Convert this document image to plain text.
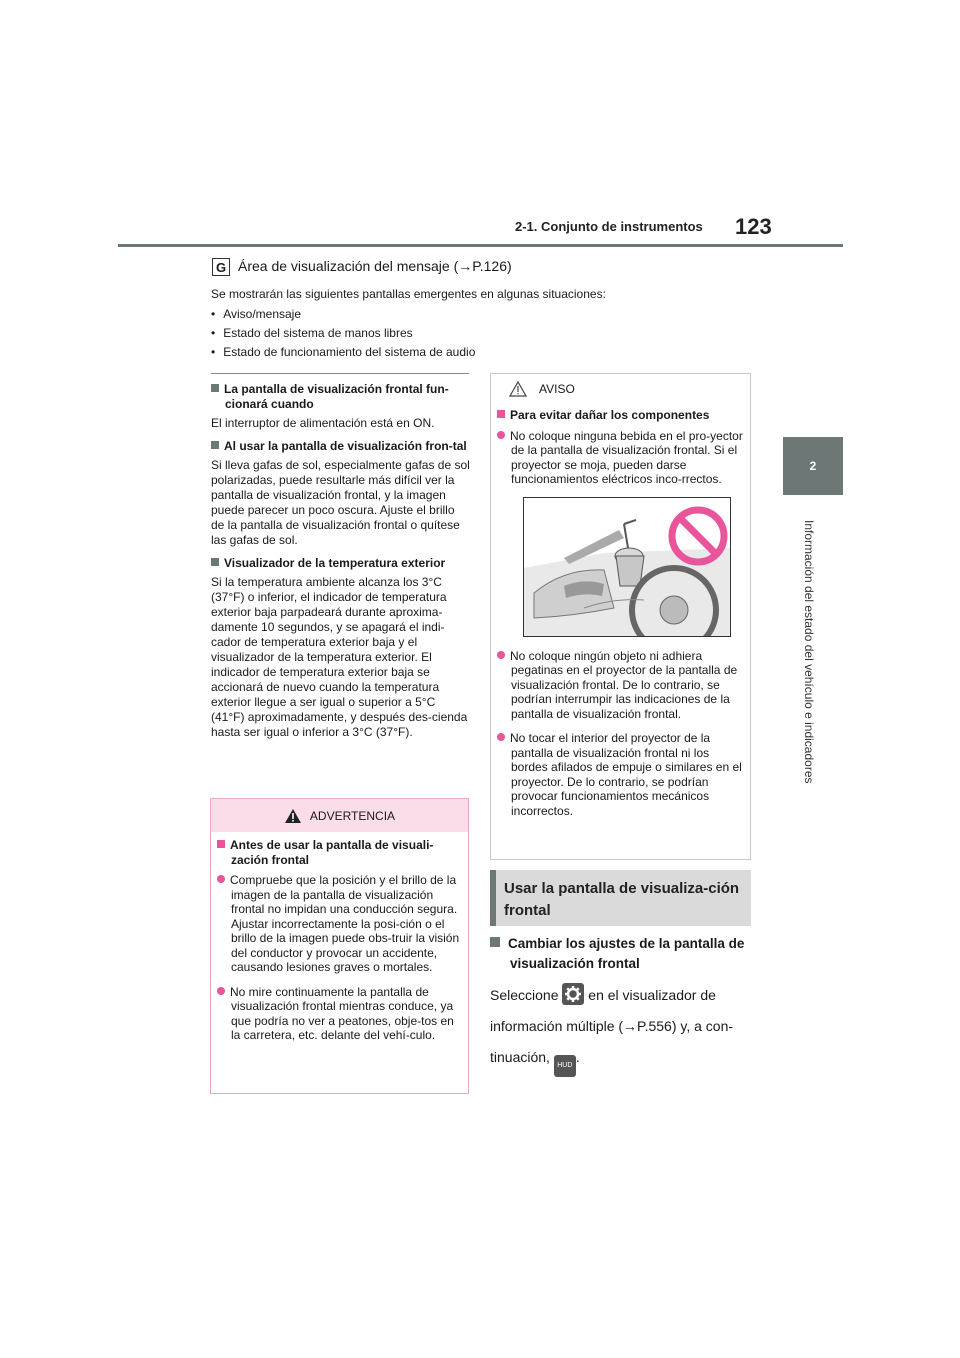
2-1. Conjunto de instrumentos 123
2
Información del estado del vehículo e indicadores
G Área de visualización del mensaje (→P.126)
Se mostrarán las siguientes pantallas emergentes en algunas situaciones:
• Aviso/mensaje
• Estado del sistema de manos libres
• Estado de funcionamiento del sistema de audio

La pantalla de visualización frontal fun-cionará cuando

El interruptor de alimentación está en ON.

Al usar la pantalla de visualización fron-tal

Si lleva gafas de sol, especialmente gafas de sol polarizadas, puede resultarle más difícil ver la pantalla de visualización frontal, y la imagen puede parecer un poco oscura. Ajuste el brillo de la pantalla de visualización frontal o quítese las gafas de sol.

Visualizador de la temperatura exterior

Si la temperatura ambiente alcanza los 3°C (37°F) o inferior, el indicador de temperatura exterior baja parpadeará durante aproxima-damente 10 segundos, y se apagará el indi-cador de temperatura exterior baja y el visualizador de la temperatura exterior. El indicador de temperatura exterior baja se accionará de nuevo cuando la temperatura exterior llegue a ser igual o superior a 5°C (41°F) aproximadamente, y después des-cienda hasta ser igual o inferior a 3°C (37°F).

ADVERTENCIA

Antes de usar la pantalla de visuali-zación frontal

Compruebe que la posición y el brillo de la imagen de la pantalla de visualización frontal no impidan una conducción segura. Ajustar incorrectamente la posi-ción o el brillo de la imagen puede obs-truir la visión del conductor y provocar un accidente, causando lesiones graves o mortales.

No mire continuamente la pantalla de visualización frontal mientras conduce, ya que podría no ver a peatones, obje-tos en la carretera, etc. delante del vehí-culo.

AVISO

Para evitar dañar los componentes

No coloque ninguna bebida en el pro-yector de la pantalla de visualización frontal. Si el proyector se moja, pueden darse funcionamientos eléctricos inco-rrectos.

No coloque ningún objeto ni adhiera pegatinas en el proyector de la pantalla de visualización frontal. De lo contrario, se podrían interrumpir las indicaciones de la pantalla de visualización frontal.

No tocar el interior del proyector de la pantalla de visualización frontal ni los bordes afilados de empuje o similares en el proyector. De lo contrario, se podrían provocar funcionamientos mecánicos incorrectos.

Usar la pantalla de visualiza-ción frontal
Cambiar los ajustes de la pantalla de visualización frontal
Seleccione en el visualizador de información múltiple (→P.556) y, a con-tinuación, HUD.
